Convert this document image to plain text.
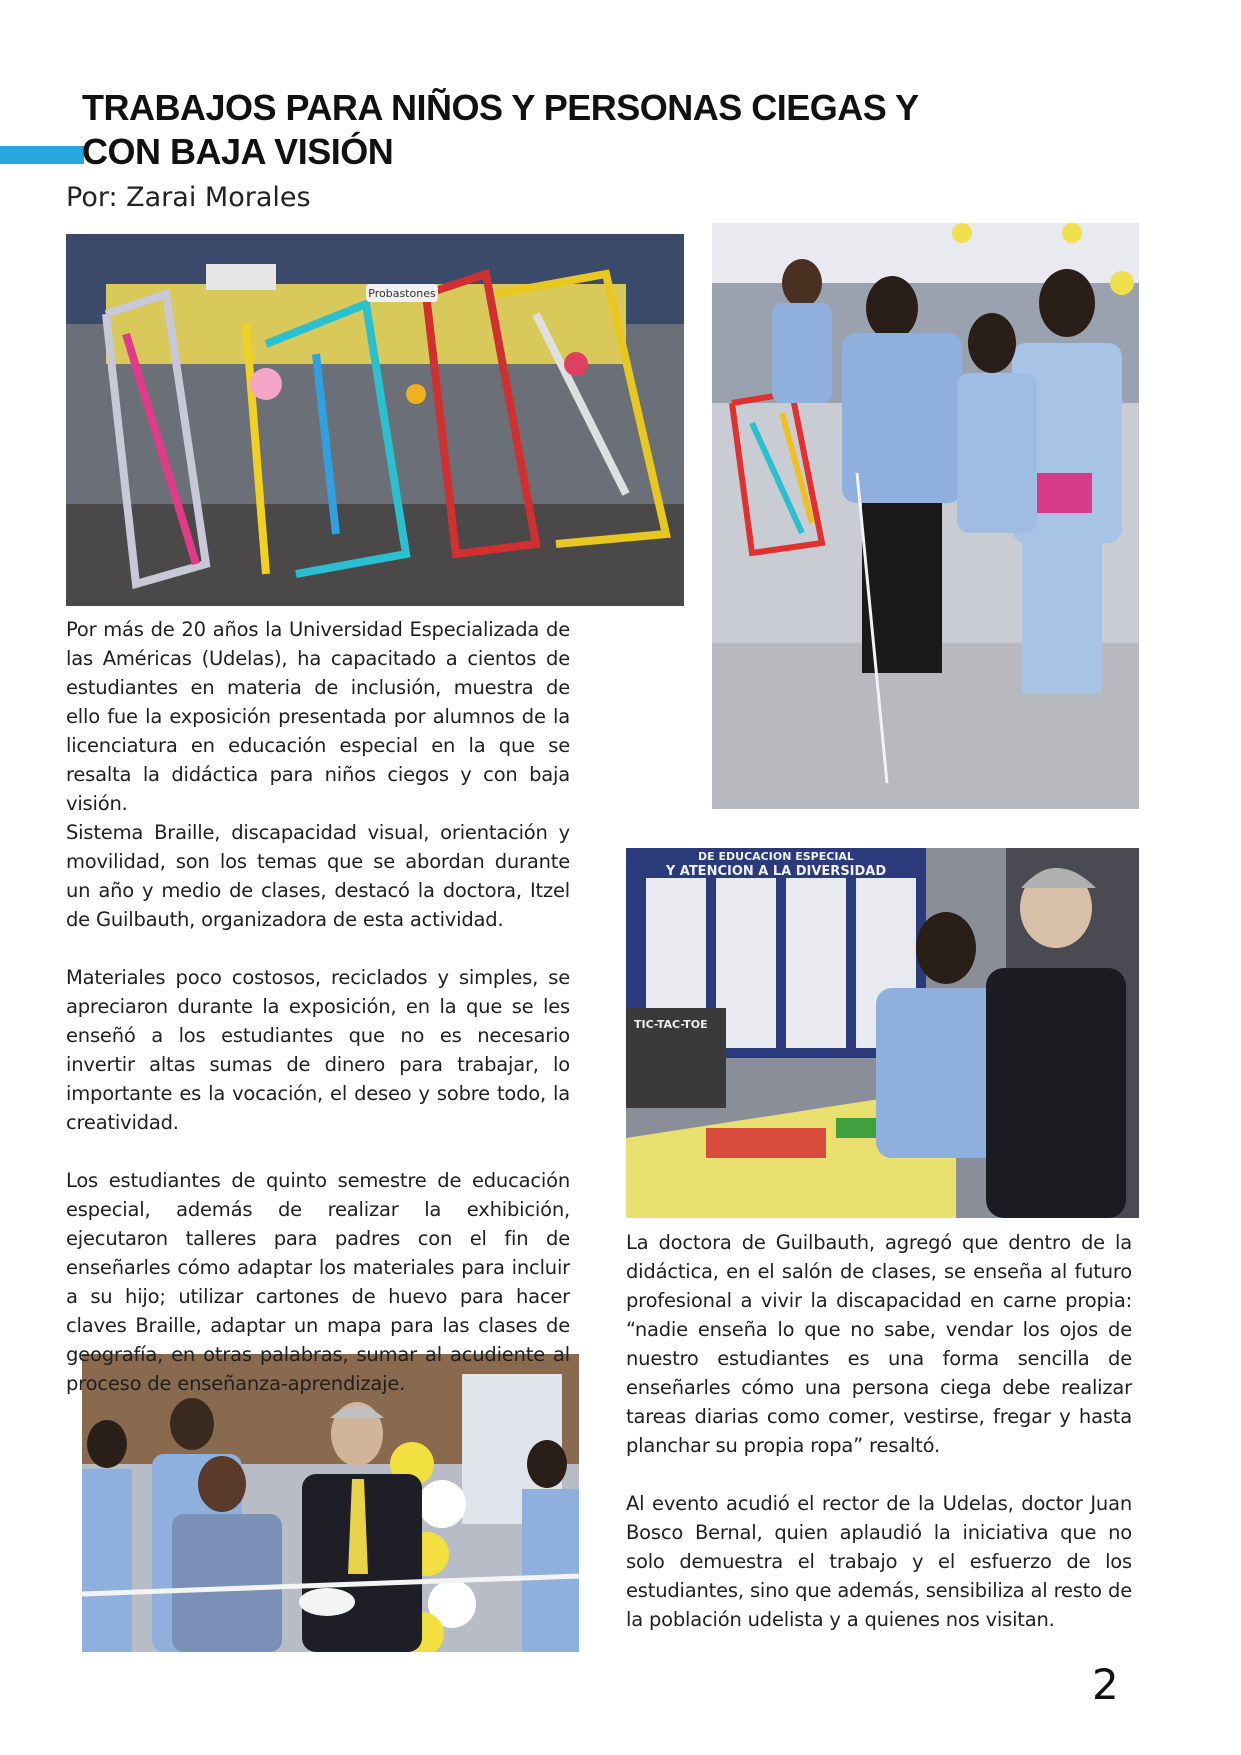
TRABAJOS PARA NIÑOS Y PERSONAS CIEGAS Y CON BAJA VISIÓN
Por: Zarai Morales
Probastones
DE EDUCACION ESPECIAL
Y ATENCION A LA DIVERSIDAD
TIC-TAC-TOE

Por más de 20 años la Universidad Especializada de las Américas (Udelas), ha capacitado a cientos de estudiantes en materia de inclusión, muestra de ello fue la exposición presentada por alumnos de la licenciatura en educación especial en la que se resalta la didáctica para niños ciegos y con baja visión.

Sistema Braille, discapacidad visual, orientación y movilidad, son los temas que se abordan durante un año y medio de clases, destacó la doctora, Itzel de Guilbauth, organizadora de esta actividad.

Materiales poco costosos, reciclados y simples, se apreciaron durante la exposición, en la que se les enseñó a los estudiantes que no es necesario invertir altas sumas de dinero para trabajar, lo importante es la vocación, el deseo y sobre todo, la creatividad.

Los estudiantes de quinto semestre de educación especial, además de realizar la exhibición, ejecutaron talleres para padres con el fin de enseñarles cómo adaptar los materiales para incluir a su hijo; utilizar cartones de huevo para hacer claves Braille, adaptar un mapa para las clases de geografía, en otras palabras, sumar al acudiente al proceso de enseñanza-aprendizaje.

La doctora de Guilbauth, agregó que dentro de la didáctica, en el salón de clases, se enseña al futuro profesional a vivir la discapacidad en carne propia: “nadie enseña lo que no sabe, vendar los ojos de nuestro estudiantes es una forma sencilla de enseñarles cómo una persona ciega debe realizar tareas diarias como comer, vestirse, fregar y hasta planchar su propia ropa” resaltó.

Al evento acudió el rector de la Udelas, doctor Juan Bosco Bernal, quien aplaudió la iniciativa que no solo demuestra el trabajo y el esfuerzo de los estudiantes, sino que además, sensibiliza al resto de la población udelista y a quienes nos visitan.

2
